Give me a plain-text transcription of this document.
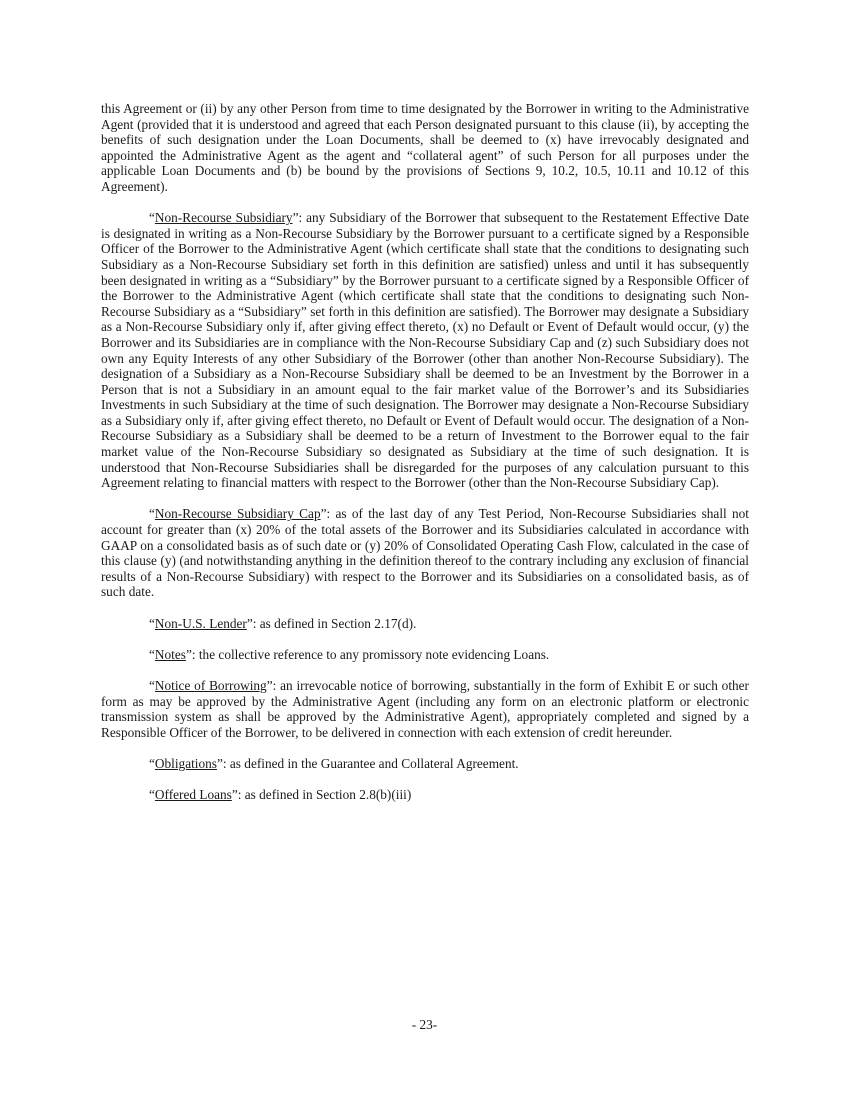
this Agreement or (ii) by any other Person from time to time designated by the Borrower in writing to the Administrative Agent (provided that it is understood and agreed that each Person designated pursuant to this clause (ii), by accepting the benefits of such designation under the Loan Documents, shall be deemed to (x) have irrevocably designated and appointed the Administrative Agent as the agent and “collateral agent” of such Person for all purposes under the applicable Loan Documents and (b) be bound by the provisions of Sections 9, 10.2, 10.5, 10.11 and 10.12 of this Agreement).

“Non-Recourse Subsidiary”: any Subsidiary of the Borrower that subsequent to the Restatement Effective Date is designated in writing as a Non-Recourse Subsidiary by the Borrower pursuant to a certificate signed by a Responsible Officer of the Borrower to the Administrative Agent (which certificate shall state that the conditions to designating such Subsidiary as a Non-Recourse Subsidiary set forth in this definition are satisfied) unless and until it has subsequently been designated in writing as a “Subsidiary” by the Borrower pursuant to a certificate signed by a Responsible Officer of the Borrower to the Administrative Agent (which certificate shall state that the conditions to designating such Non-Recourse Subsidiary as a “Subsidiary” set forth in this definition are satisfied). The Borrower may designate a Subsidiary as a Non-Recourse Subsidiary only if, after giving effect thereto, (x) no Default or Event of Default would occur, (y) the Borrower and its Subsidiaries are in compliance with the Non-Recourse Subsidiary Cap and (z) such Subsidiary does not own any Equity Interests of any other Subsidiary of the Borrower (other than another Non-Recourse Subsidiary). The designation of a Subsidiary as a Non-Recourse Subsidiary shall be deemed to be an Investment by the Borrower in a Person that is not a Subsidiary in an amount equal to the fair market value of the Borrower’s and its Subsidiaries Investments in such Subsidiary at the time of such designation. The Borrower may designate a Non-Recourse Subsidiary as a Subsidiary only if, after giving effect thereto, no Default or Event of Default would occur. The designation of a Non-Recourse Subsidiary as a Subsidiary shall be deemed to be a return of Investment to the Borrower equal to the fair market value of the Non-Recourse Subsidiary so designated as Subsidiary at the time of such designation. It is understood that Non-Recourse Subsidiaries shall be disregarded for the purposes of any calculation pursuant to this Agreement relating to financial matters with respect to the Borrower (other than the Non-Recourse Subsidiary Cap).

“Non-Recourse Subsidiary Cap”: as of the last day of any Test Period, Non-Recourse Subsidiaries shall not account for greater than (x) 20% of the total assets of the Borrower and its Subsidiaries calculated in accordance with GAAP on a consolidated basis as of such date or (y) 20% of Consolidated Operating Cash Flow, calculated in the case of this clause (y) (and notwithstanding anything in the definition thereof to the contrary including any exclusion of financial results of a Non-Recourse Subsidiary) with respect to the Borrower and its Subsidiaries on a consolidated basis, as of such date.

“Non-U.S. Lender”: as defined in Section 2.17(d).

“Notes”: the collective reference to any promissory note evidencing Loans.

“Notice of Borrowing”: an irrevocable notice of borrowing, substantially in the form of Exhibit E or such other form as may be approved by the Administrative Agent (including any form on an electronic platform or electronic transmission system as shall be approved by the Administrative Agent), appropriately completed and signed by a Responsible Officer of the Borrower, to be delivered in connection with each extension of credit hereunder.

“Obligations”: as defined in the Guarantee and Collateral Agreement.

“Offered Loans”: as defined in Section 2.8(b)(iii)

- 23-
